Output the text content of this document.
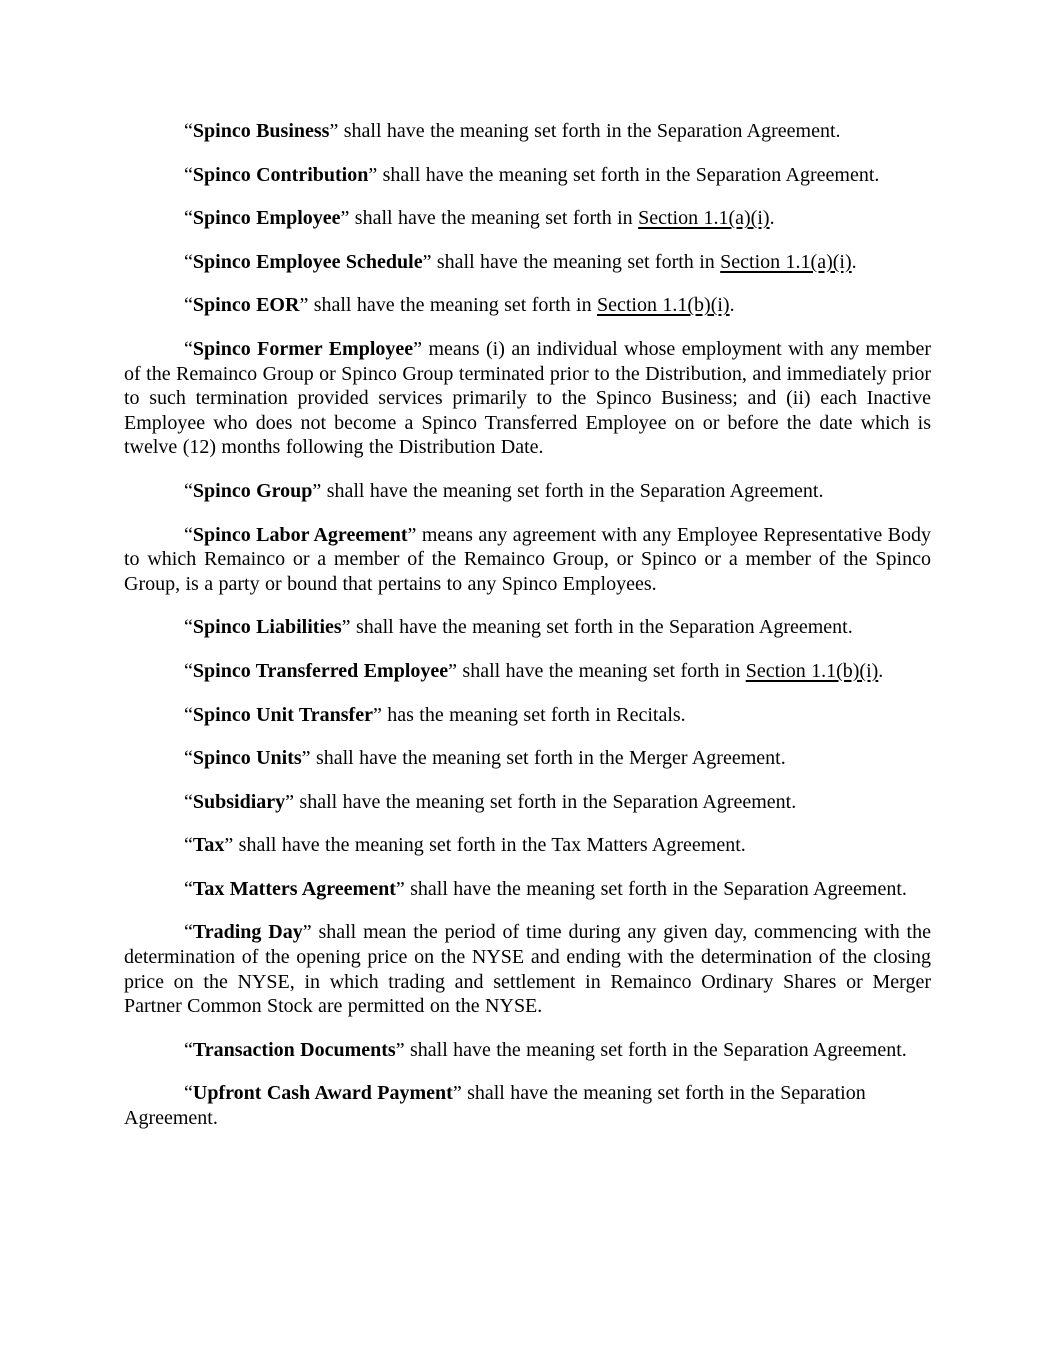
“Spinco Business” shall have the meaning set forth in the Separation Agreement.

“Spinco Contribution” shall have the meaning set forth in the Separation Agreement.

“Spinco Employee” shall have the meaning set forth in Section 1.1(a)(i).

“Spinco Employee Schedule” shall have the meaning set forth in Section 1.1(a)(i).

“Spinco EOR” shall have the meaning set forth in Section 1.1(b)(i).

“Spinco Former Employee” means (i) an individual whose employment with any member of the Remainco Group or Spinco Group terminated prior to the Distribution, and immediately prior to such termination provided services primarily to the Spinco Business; and (ii) each Inactive Employee who does not become a Spinco Transferred Employee on or before the date which is twelve (12) months following the Distribution Date.

“Spinco Group” shall have the meaning set forth in the Separation Agreement.

“Spinco Labor Agreement” means any agreement with any Employee Representative Body to which Remainco or a member of the Remainco Group, or Spinco or a member of the Spinco Group, is a party or bound that pertains to any Spinco Employees.

“Spinco Liabilities” shall have the meaning set forth in the Separation Agreement.

“Spinco Transferred Employee” shall have the meaning set forth in Section 1.1(b)(i).

“Spinco Unit Transfer” has the meaning set forth in Recitals.

“Spinco Units” shall have the meaning set forth in the Merger Agreement.

“Subsidiary” shall have the meaning set forth in the Separation Agreement.

“Tax” shall have the meaning set forth in the Tax Matters Agreement.

“Tax Matters Agreement” shall have the meaning set forth in the Separation Agreement.

“Trading Day” shall mean the period of time during any given day, commencing with the determination of the opening price on the NYSE and ending with the determination of the closing price on the NYSE, in which trading and settlement in Remainco Ordinary Shares or Merger Partner Common Stock are permitted on the NYSE.

“Transaction Documents” shall have the meaning set forth in the Separation Agreement.

“Upfront Cash Award Payment” shall have the meaning set forth in the Separation Agreement.
